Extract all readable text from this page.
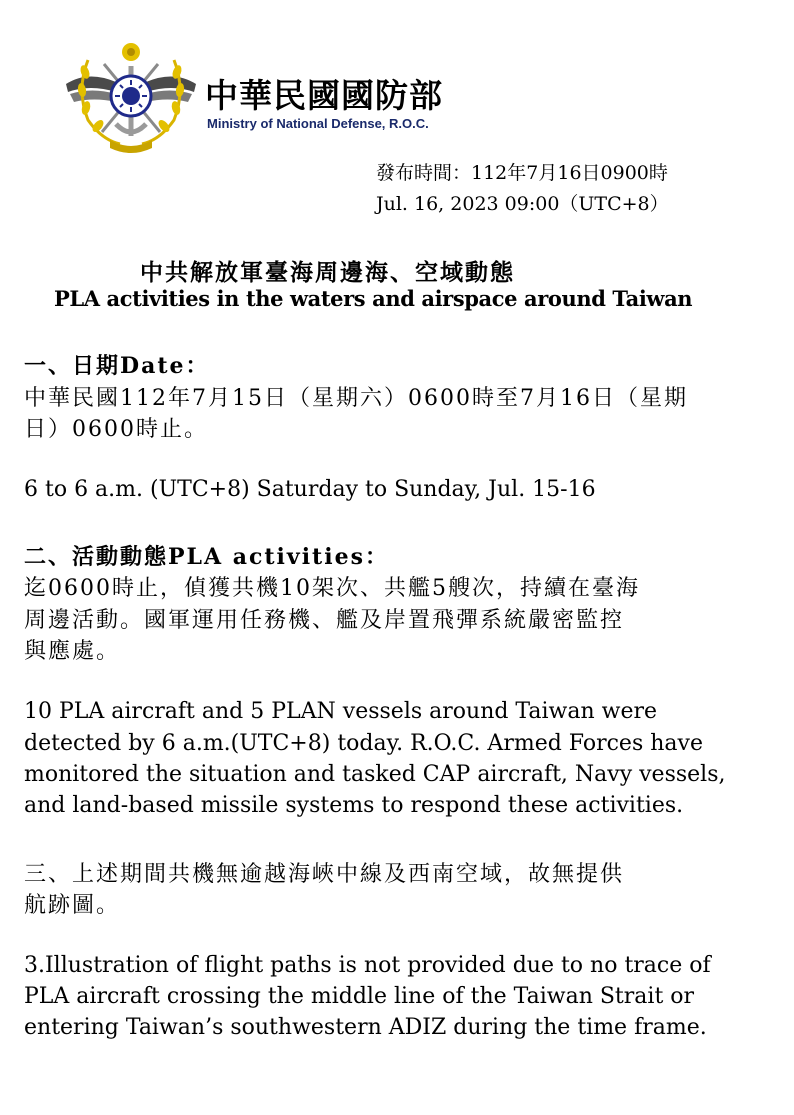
中華民國國防部
Ministry of National Defense, R.O.C.
發布時間：112年7月16日0900時
Jul. 16, 2023 09:00（UTC+8）
中共解放軍臺海周邊海、空域動態
PLA activities in the waters and airspace around Taiwan
一、日期Date：
中華民國112年7月15日（星期六）0600時至7月16日（星期
日）0600時止。
6 to 6 a.m. (UTC+8) Saturday to Sunday, Jul. 15-16
二、活動動態PLA activities：
迄0600時止，偵獲共機10架次、共艦5艘次，持續在臺海
周邊活動。國軍運用任務機、艦及岸置飛彈系統嚴密監控
與應處。
10 PLA aircraft and 5 PLAN vessels around Taiwan were
detected by 6 a.m.(UTC+8) today. R.O.C. Armed Forces have
monitored the situation and tasked CAP aircraft, Navy vessels,
and land-based missile systems to respond these activities.
三、上述期間共機無逾越海峽中線及西南空域，故無提供
航跡圖。
3.Illustration of flight paths is not provided due to no trace of
PLA aircraft crossing the middle line of the Taiwan Strait or
entering Taiwan’s southwestern ADIZ during the time frame.
